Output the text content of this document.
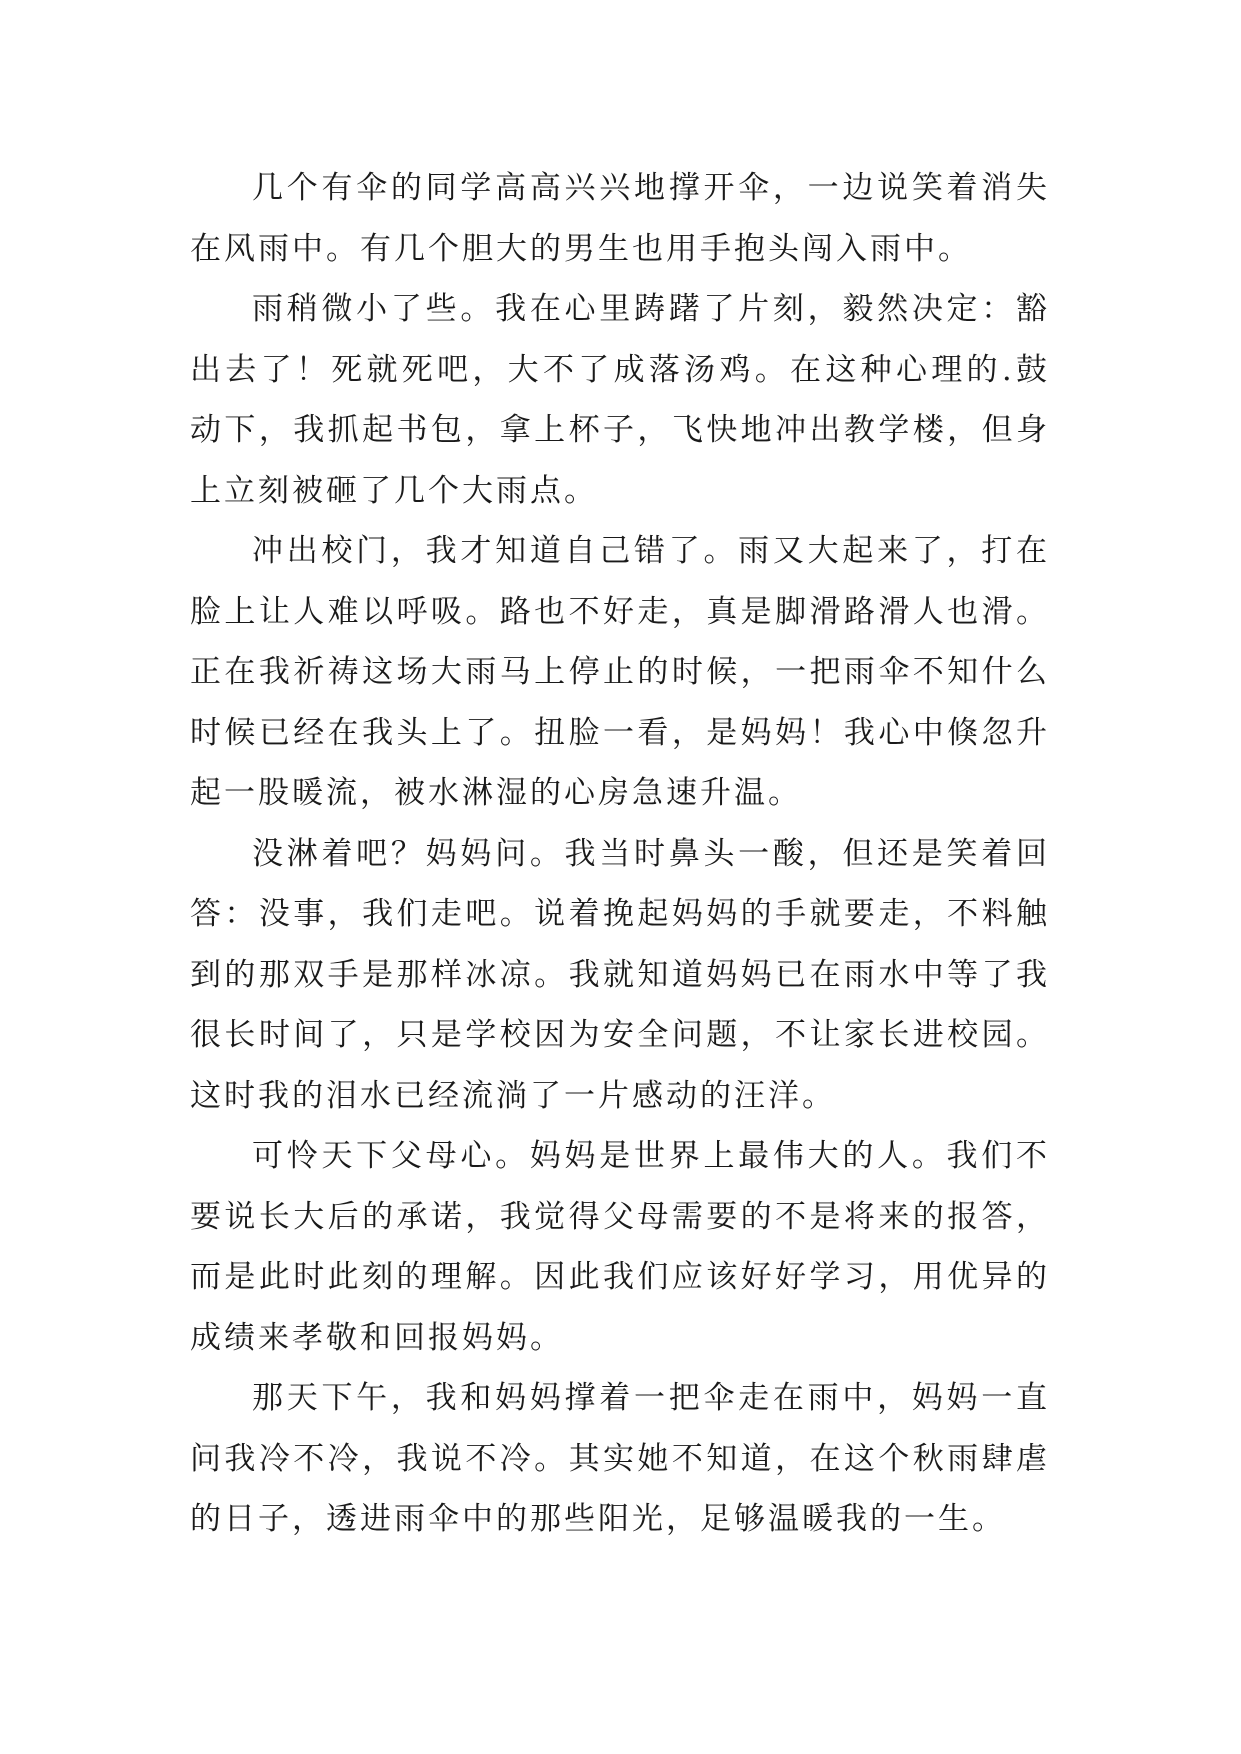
几个有伞的同学高高兴兴地撑开伞，一边说笑着消失在风雨中。有几个胆大的男生也用手抱头闯入雨中。

雨稍微小了些。我在心里踌躇了片刻，毅然决定：豁出去了！死就死吧，大不了成落汤鸡。在这种心理的.鼓动下，我抓起书包，拿上杯子，飞快地冲出教学楼，但身上立刻被砸了几个大雨点。

冲出校门，我才知道自己错了。雨又大起来了，打在脸上让人难以呼吸。路也不好走，真是脚滑路滑人也滑。正在我祈祷这场大雨马上停止的时候，一把雨伞不知什么时候已经在我头上了。扭脸一看，是妈妈！我心中倏忽升起一股暖流，被水淋湿的心房急速升温。

没淋着吧？妈妈问。我当时鼻头一酸，但还是笑着回答：没事，我们走吧。说着挽起妈妈的手就要走，不料触到的那双手是那样冰凉。我就知道妈妈已在雨水中等了我很长时间了，只是学校因为安全问题，不让家长进校园。这时我的泪水已经流淌了一片感动的汪洋。

可怜天下父母心。妈妈是世界上最伟大的人。我们不要说长大后的承诺，我觉得父母需要的不是将来的报答，而是此时此刻的理解。因此我们应该好好学习，用优异的成绩来孝敬和回报妈妈。

那天下午，我和妈妈撑着一把伞走在雨中，妈妈一直问我冷不冷，我说不冷。其实她不知道，在这个秋雨肆虐的日子，透进雨伞中的那些阳光，足够温暖我的一生。
